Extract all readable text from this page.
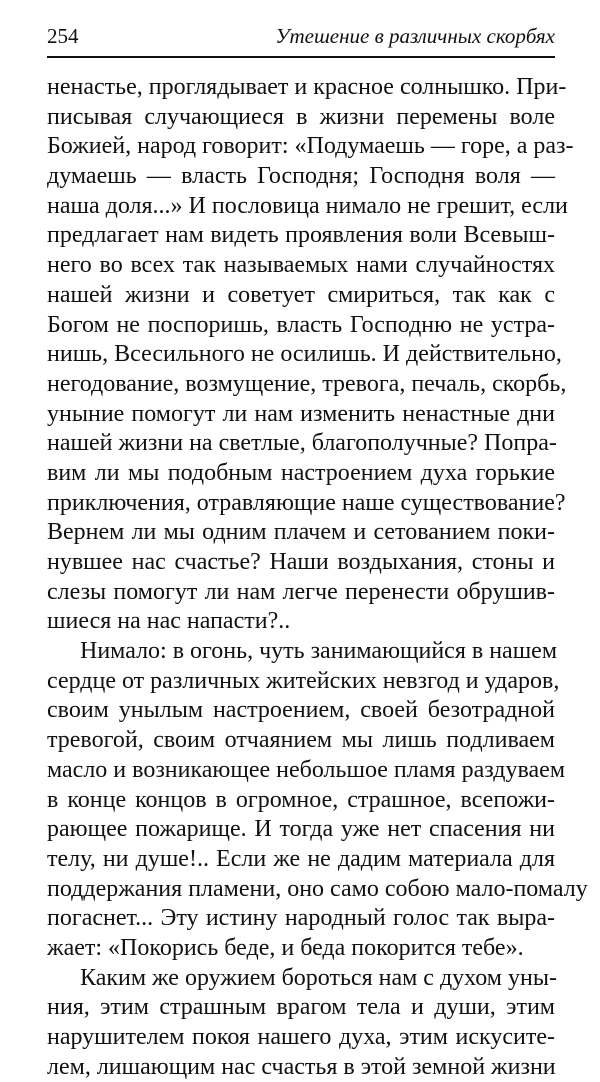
254	Утешение в различных скорбях
ненастье, проглядывает и красное солнышко. При-
писывая случающиеся в жизни перемены воле
Божией, народ говорит: «Подумаешь — горе, а раз-
думаешь — власть Господня; Господня воля —
наша доля...» И пословица нимало не грешит, если
предлагает нам видеть проявления воли Всевыш-
него во всех так называемых нами случайностях
нашей жизни и советует смириться, так как с
Богом не поспоришь, власть Господню не устра-
нишь, Всесильного не осилишь. И действительно,
негодование, возмущение, тревога, печаль, скорбь,
уныние помогут ли нам изменить ненастные дни
нашей жизни на светлые, благополучные? Попра-
вим ли мы подобным настроением духа горькие
приключения, отравляющие наше существование?
Вернем ли мы одним плачем и сетованием поки-
нувшее нас счастье? Наши воздыхания, стоны и
слезы помогут ли нам легче перенести обрушив-
шиеся на нас напасти?..
Нимало: в огонь, чуть занимающийся в нашем
сердце от различных житейских невзгод и ударов,
своим унылым настроением, своей безотрадной
тревогой, своим отчаянием мы лишь подливаем
масло и возникающее небольшое пламя раздуваем
в конце концов в огромное, страшное, всепожи-
рающее пожарище. И тогда уже нет спасения ни
телу, ни душе!.. Если же не дадим материала для
поддержания пламени, оно само собою мало-помалу
погаснет... Эту истину народный голос так выра-
жает: «Покорись беде, и беда покорится тебе».
Каким же оружием бороться нам с духом уны-
ния, этим страшным врагом тела и души, этим
нарушителем покоя нашего духа, этим искусите-
лем, лишающим нас счастья в этой земной жизни
